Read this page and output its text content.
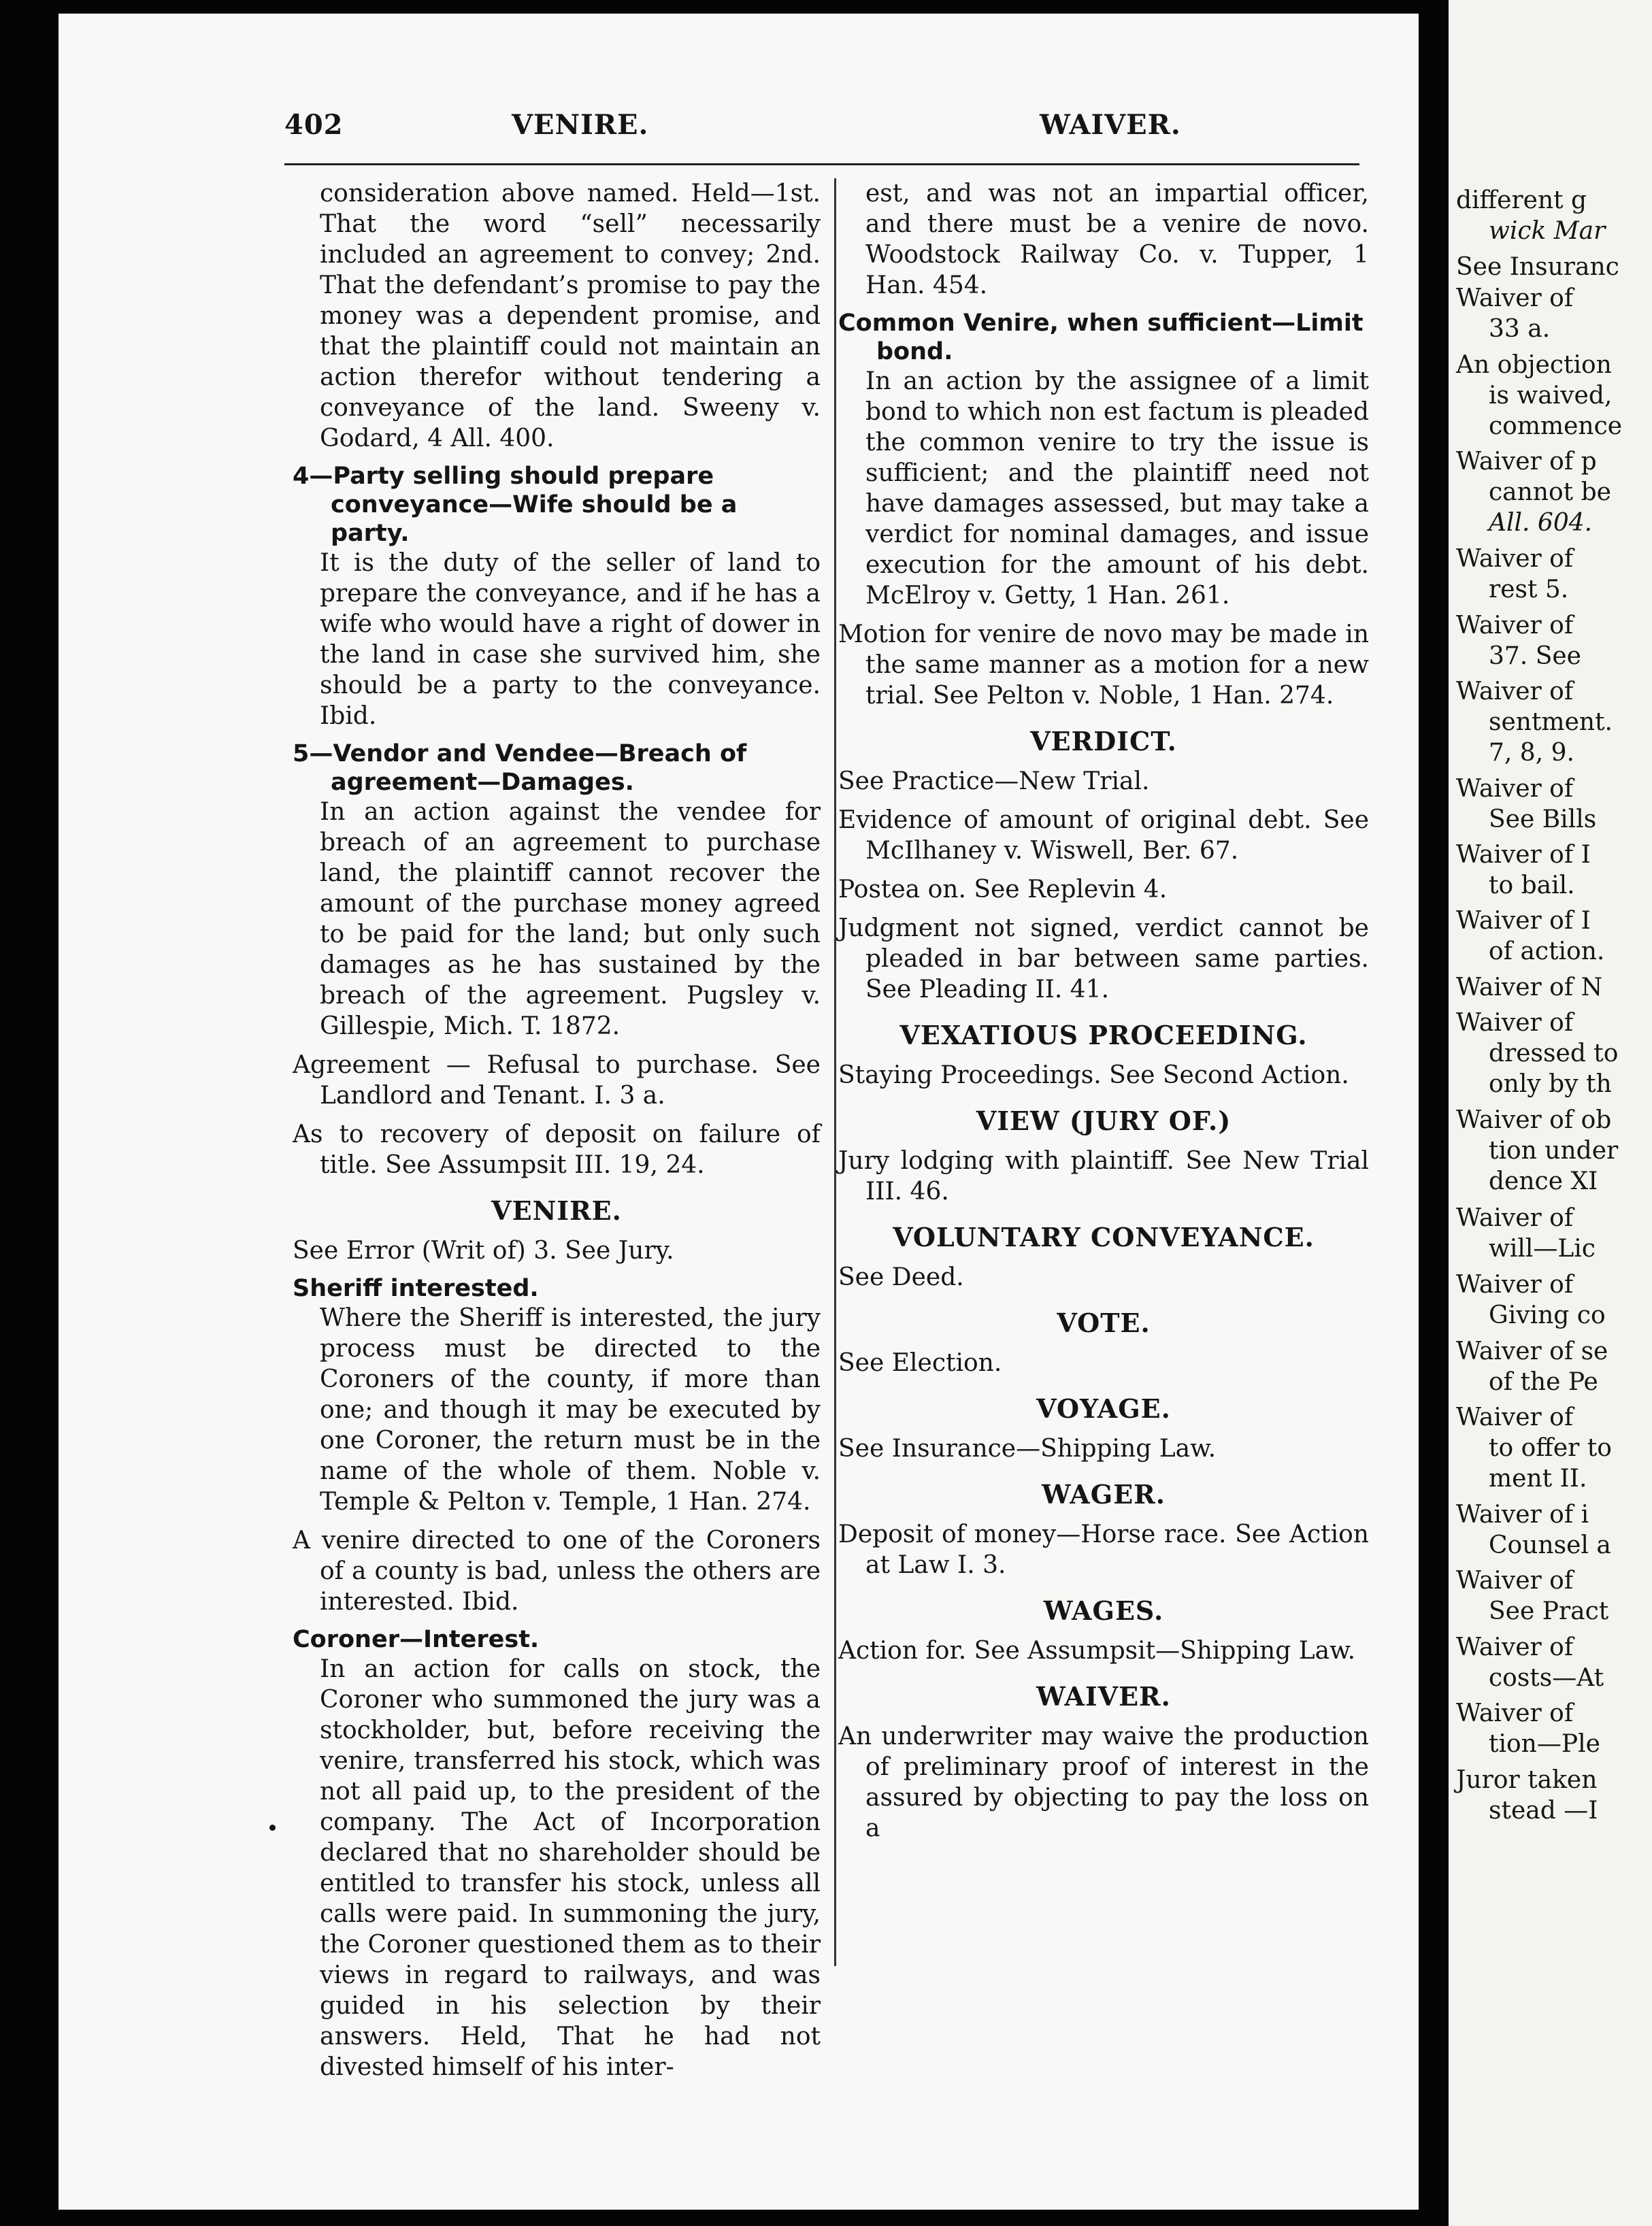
402	VENIRE.	WAIVER.

consideration above named. Held—1st. That the word “sell” necessarily included an agreement to convey; 2nd. That the defendant’s promise to pay the money was a dependent promise, and that the plaintiff could not maintain an action therefor without tendering a conveyance of the land. Sweeny v. Godard, 4 All. 400.

4—Party selling should prepare conveyance—Wife should be a party.

It is the duty of the seller of land to prepare the conveyance, and if he has a wife who would have a right of dower in the land in case she survived him, she should be a party to the conveyance. Ibid.

5—Vendor and Vendee—Breach of agreement—Damages.

In an action against the vendee for breach of an agreement to purchase land, the plaintiff cannot recover the amount of the purchase money agreed to be paid for the land; but only such damages as he has sustained by the breach of the agreement. Pugsley v. Gillespie, Mich. T. 1872.

Agreement — Refusal to purchase. See Landlord and Tenant. I. 3 a.

As to recovery of deposit on failure of title. See Assumpsit III. 19, 24.

VENIRE.

See Error (Writ of) 3. See Jury.

Sheriff interested.

Where the Sheriff is interested, the jury process must be directed to the Coroners of the county, if more than one; and though it may be executed by one Coroner, the return must be in the name of the whole of them. Noble v. Temple & Pelton v. Temple, 1 Han. 274.

A venire directed to one of the Coroners of a county is bad, unless the others are interested. Ibid.

Coroner—Interest.

In an action for calls on stock, the Coroner who summoned the jury was a stockholder, but, before receiving the venire, transferred his stock, which was not all paid up, to the president of the company. The Act of Incorporation declared that no shareholder should be entitled to transfer his stock, unless all calls were paid. In summoning the jury, the Coroner questioned them as to their views in regard to railways, and was guided in his selection by their answers. Held, That he had not divested himself of his inter-

est, and was not an impartial officer, and there must be a venire de novo. Woodstock Railway Co. v. Tupper, 1 Han. 454.

Common Venire, when sufficient—Limit bond.

In an action by the assignee of a limit bond to which non est factum is pleaded the common venire to try the issue is sufficient; and the plaintiff need not have damages assessed, but may take a verdict for nominal damages, and issue execution for the amount of his debt. McElroy v. Getty, 1 Han. 261.

Motion for venire de novo may be made in the same manner as a motion for a new trial. See Pelton v. Noble, 1 Han. 274.

VERDICT.

See Practice—New Trial.

Evidence of amount of original debt. See McIlhaney v. Wiswell, Ber. 67.

Postea on. See Replevin 4.

Judgment not signed, verdict cannot be pleaded in bar between same parties. See Pleading II. 41.

VEXATIOUS PROCEEDING.

Staying Proceedings. See Second Action.

VIEW (JURY OF.)

Jury lodging with plaintiff. See New Trial III. 46.

VOLUNTARY CONVEYANCE.

See Deed.

VOTE.

See Election.

VOYAGE.

See Insurance—Shipping Law.

WAGER.

Deposit of money—Horse race. See Action at Law I. 3.

WAGES.

Action for. See Assumpsit—Shipping Law.

WAIVER.

An underwriter may waive the production of preliminary proof of interest in the assured by objecting to pay the loss on a

different g
wick Mar
See Insuranc
Waiver of
33 a.
An objection
is waived,
commence
Waiver of p
cannot be
All. 604.
Waiver of
rest 5.
Waiver of
37. See
Waiver of
sentment.
7, 8, 9.
Waiver of
See Bills
Waiver of I
to bail.
Waiver of I
of action.
Waiver of N
Waiver of
dressed to
only by th
Waiver of ob
tion under
dence XI
Waiver of
will—Lic
Waiver of
Giving co
Waiver of se
of the Pe
Waiver of
to offer to
ment II.
Waiver of i
Counsel a
Waiver of
See Pract
Waiver of
costs—At
Waiver of
tion—Ple
Juror taken
stead —I
